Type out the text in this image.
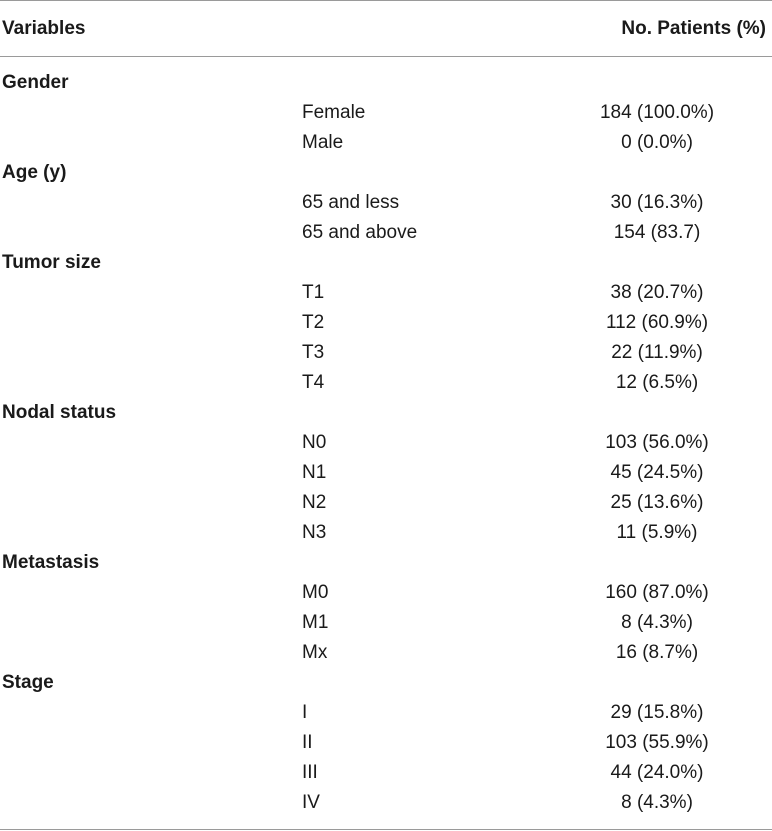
Variables	No. Patients (%)
Gender
Female	184 (100.0%)
Male	0 (0.0%)
Age (y)
65 and less	30 (16.3%)
65 and above	154 (83.7)
Tumor size
T1	38 (20.7%)
T2	112 (60.9%)
T3	22 (11.9%)
T4	12 (6.5%)
Nodal status
N0	103 (56.0%)
N1	45 (24.5%)
N2	25 (13.6%)
N3	11 (5.9%)
Metastasis
M0	160 (87.0%)
M1	8 (4.3%)
Mx	16 (8.7%)
Stage
I	29 (15.8%)
II	103 (55.9%)
III	44 (24.0%)
IV	8 (4.3%)
